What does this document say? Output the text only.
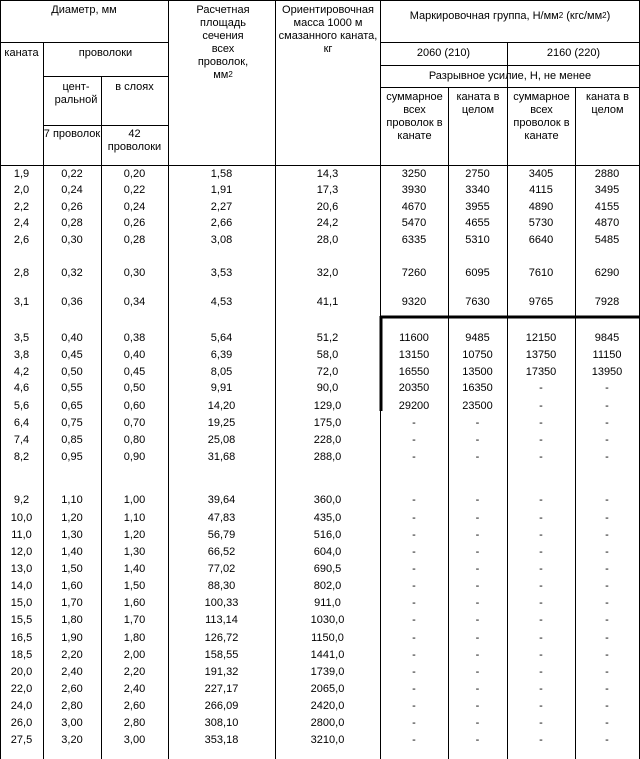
Диаметр, мм
каната	проволоки
цент-ральной
в слоях
7 проволок	42 проволоки
Расчетная площадь сечения всех проволок, $мм^2$
Ориентировочная масса 1000 м смазанного каната, кг
Маркировочная группа, $Н/мм^2$ $(кгс/мм^2)$
2060 (210)	2160 (220)
Разрывное усилие, Н, не менее
суммарное всех проволок в канате
каната в целом
суммарное всех проволок в канате
каната в целом
1,9	0,22	0,20	1,58	14,3	3250	2750	3405	2880
2,0	0,24	0,22	1,91	17,3	3930	3340	4115	3495
2,2	0,26	0,24	2,27	20,6	4670	3955	4890	4155
2,4	0,28	0,26	2,66	24,2	5470	4655	5730	4870
2,6	0,30	0,28	3,08	28,0	6335	5310	6640	5485
2,8	0,32	0,30	3,53	32,0	7260	6095	7610	6290
3,1	0,36	0,34	4,53	41,1	9320	7630	9765	7928
3,5	0,40	0,38	5,64	51,2	11600	9485	12150	9845
3,8	0,45	0,40	6,39	58,0	13150	10750	13750	11150
4,2	0,50	0,45	8,05	72,0	16550	13500	17350	13950
4,6	0,55	0,50	9,91	90,0	20350	16350	-	-
5,6	0,65	0,60	14,20	129,0	29200	23500	-	-
6,4	0,75	0,70	19,25	175,0	-	-	-	-
7,4	0,85	0,80	25,08	228,0	-	-	-	-
8,2	0,95	0,90	31,68	288,0	-	-	-	-
9,2	1,10	1,00	39,64	360,0	-	-	-	-
10,0	1,20	1,10	47,83	435,0	-	-	-	-
11,0	1,30	1,20	56,79	516,0	-	-	-	-
12,0	1,40	1,30	66,52	604,0	-	-	-	-
13,0	1,50	1,40	77,02	690,5	-	-	-	-
14,0	1,60	1,50	88,30	802,0	-	-	-	-
15,0	1,70	1,60	100,33	911,0	-	-	-	-
15,5	1,80	1,70	113,14	1030,0	-	-	-	-
16,5	1,90	1,80	126,72	1150,0	-	-	-	-
18,5	2,20	2,00	158,55	1441,0	-	-	-	-
20,0	2,40	2,20	191,32	1739,0	-	-	-	-
22,0	2,60	2,40	227,17	2065,0	-	-	-	-
24,0	2,80	2,60	266,09	2420,0	-	-	-	-
26,0	3,00	2,80	308,10	2800,0	-	-	-	-
27,5	3,20	3,00	353,18	3210,0	-	-	-	-
